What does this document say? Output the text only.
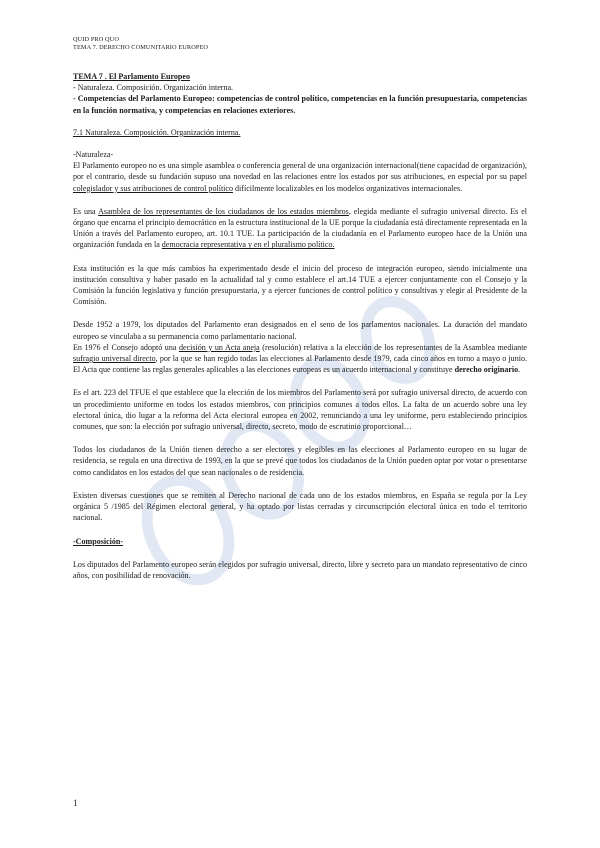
QUID PRO QUO
TEMA 7. DERECHO COMUNITARIO EUROPEO

TEMA 7 . El Parlamento Europeo

- Naturaleza. Composición. Organización interna.

- Competencias del Parlamento Europeo: competencias de control político, competencias en la función presupuestaria, competencias en la función normativa, y competencias en relaciones exteriores.

7.1 Naturaleza. Composición. Organización interna.

-Naturaleza-

El Parlamento europeo no es una simple asamblea o conferencia general de una organización internacional(tiene capacidad de organización), por el contrario, desde su fundación supuso una novedad en las relaciones entre los estados por sus atribuciones, en especial por su papel colegislador y sus atribuciones de control político difícilmente localizables en los modelos organizativos internacionales.

Es una Asamblea de los representantes de los ciudadanos de los estados miembros, elegida mediante el sufragio universal directo. Es el órgano que encarna el principio democrático en la estructura institucional de la UE porque la ciudadanía está directamente representada en la Unión a través del Parlamento europeo, art. 10.1 TUE. La participación de la ciudadanía en el Parlamento europeo hace de la Unión una organización fundada en la democracia representativa y en el pluralismo político.

Esta institución es la que más cambios ha experimentado desde el inicio del proceso de integración europeo, siendo inicialmente una institución consultiva y haber pasado en la actualidad tal y como establece el art.14 TUE a ejercer conjuntamente con el Consejo y la Comisión la función legislativa y función presupuestaria, y a ejercer funciones de control político y consultivas y elegir al Presidente de la Comisión.

Desde 1952 a 1979, los diputados del Parlamento eran designados en el seno de los parlamentos nacionales. La duración del mandato europeo se vinculaba a su permanencia como parlamentario nacional.

En 1976 el Consejo adoptó una decisión y un Acta aneja (resolución) relativa a la elección de los representantes de la Asamblea mediante sufragio universal directo, por la que se han regido todas las elecciones al Parlamento desde 1979, cada cinco años en torno a mayo o junio. El Acta que contiene las reglas generales aplicables a las elecciones europeas es un acuerdo internacional y constituye derecho originario.

Es el art. 223 del TFUE el que establece que la elección de los miembros del Parlamento será por sufragio universal directo, de acuerdo con un procedimiento uniforme en todos los estados miembros, con principios comunes a todos ellos. La falta de un acuerdo sobre una ley electoral única, dio lugar a la reforma del Acta electoral europea en 2002, renunciando a una ley uniforme, pero estableciendo principios comunes, que son: la elección por sufragio universal, directo, secreto, modo de escrutinio proporcional…

Todos los ciudadanos de la Unión tienen derecho a ser electores y elegibles en las elecciones al Parlamento europeo en su lugar de residencia, se regula en una directiva de 1993, en la que se prevé que todos los ciudadanos de la Unión pueden optar por votar o presentarse como candidatos en los estados del que sean nacionales o de residencia.

Existen diversas cuestiones que se remiten al Derecho nacional de cada uno de los estados miembros, en España se regula por la Ley orgánica 5 /1985 del Régimen electoral general, y ha optado por listas cerradas y circunscripción electoral única en todo el territorio nacional.

-Composición-

Los diputados del Parlamento europeo serán elegidos por sufragio universal, directo, libre y secreto para un mandato representativo de cinco años, con posibilidad de renovación.

1
